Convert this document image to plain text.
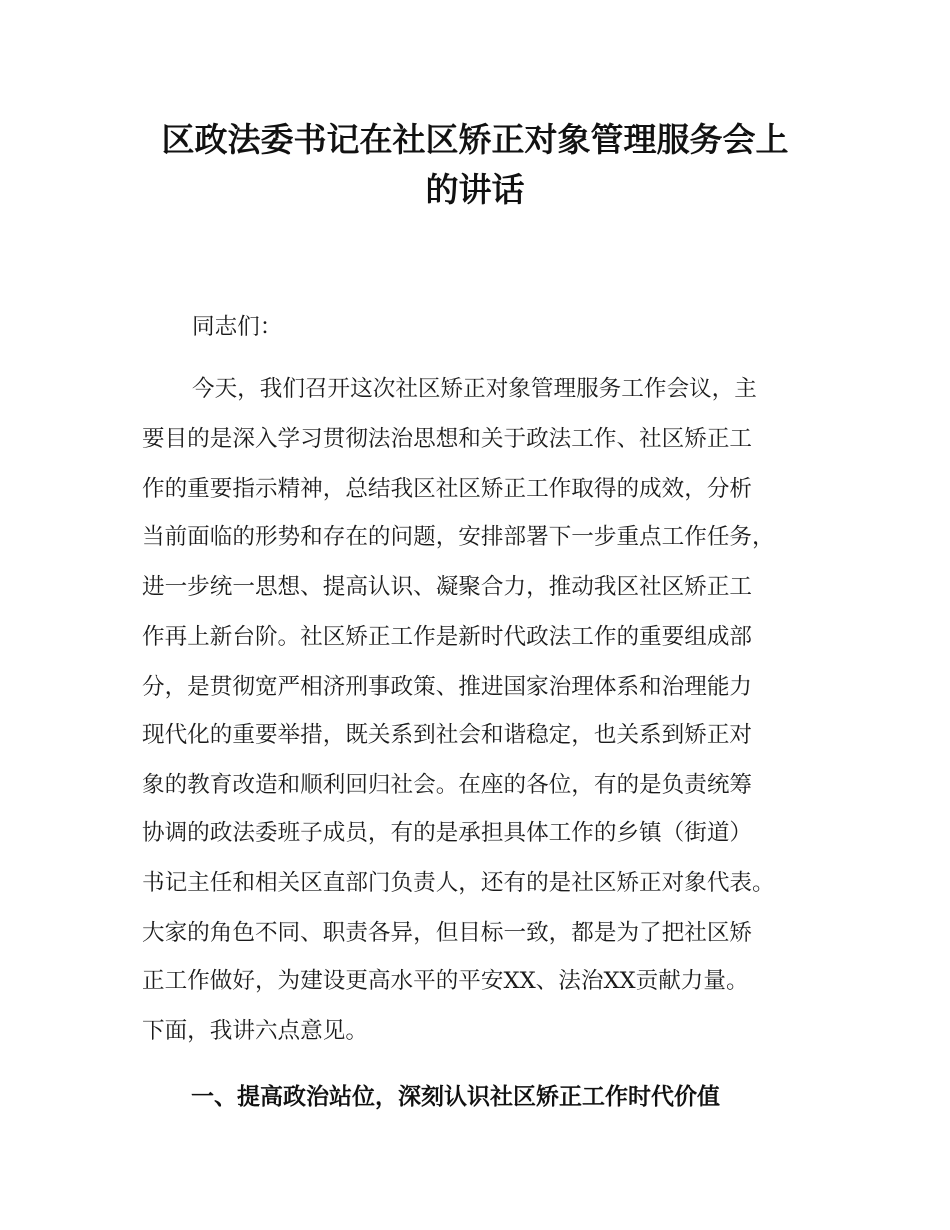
区政法委书记在社区矫正对象管理服务会上
的讲话

同志们：

今天，我们召开这次社区矫正对象管理服务工作会议，主

要目的是深入学习贯彻法治思想和关于政法工作、社区矫正工

作的重要指示精神，总结我区社区矫正工作取得的成效，分析

当前面临的形势和存在的问题，安排部署下一步重点工作任务，

进一步统一思想、提高认识、凝聚合力，推动我区社区矫正工

作再上新台阶。社区矫正工作是新时代政法工作的重要组成部

分，是贯彻宽严相济刑事政策、推进国家治理体系和治理能力

现代化的重要举措，既关系到社会和谐稳定，也关系到矫正对

象的教育改造和顺利回归社会。在座的各位，有的是负责统筹

协调的政法委班子成员，有的是承担具体工作的乡镇（街道）

书记主任和相关区直部门负责人，还有的是社区矫正对象代表。

大家的角色不同、职责各异，但目标一致，都是为了把社区矫

正工作做好，为建设更高水平的平安XX、法治XX贡献力量。

下面，我讲六点意见。

一、提高政治站位，深刻认识社区矫正工作时代价值
